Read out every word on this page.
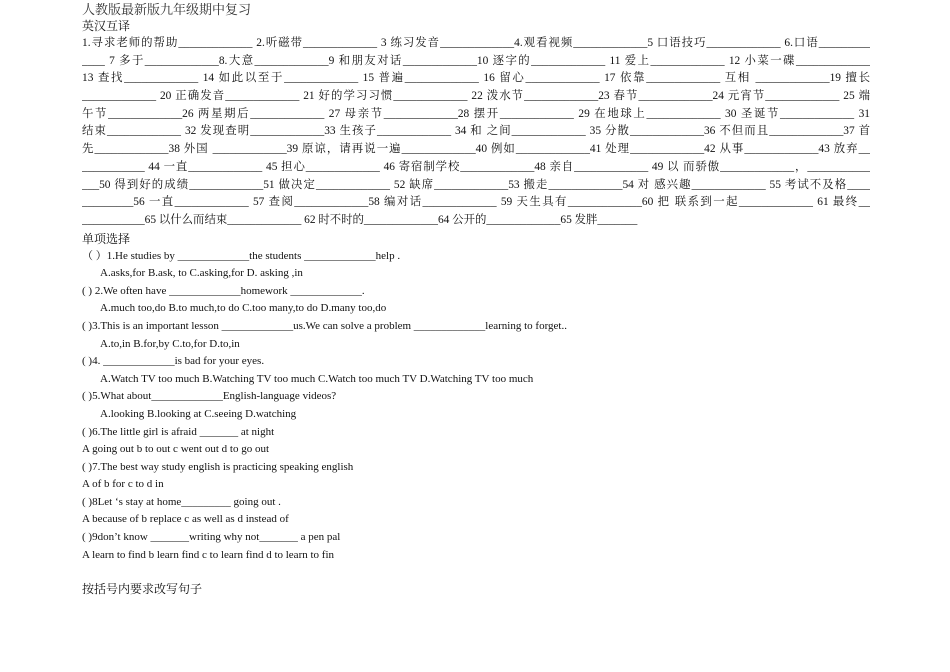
人教版最新版九年级期中复习
英汉互译
1.寻求老师的帮助_____________ 2.听磁带_____________ 3 练习发音_____________4.观看视频_____________5 口语技巧_____________ 6.口语_________
____ 7 多于_____________8.大意_____________9 和朋友对话_____________10 逐字的_____________ 11 爱上_____________ 12 小菜一碟_____________
13 查找_____________ 14 如此以至于_____________ 15 普遍_____________ 16 留心_____________ 17 依靠_____________ 互相 _____________19 擅长
_____________ 20 正确发音_____________ 21 好的学习习惯_____________ 22 泼水节_____________23 春节_____________24 元宵节_____________ 25 端
午节_____________26 两星期后_____________ 27 母亲节_____________28 摆开_____________ 29 在地球上_____________ 30 圣诞节_____________ 31
结束_____________ 32 发现查明_____________33 生孩子_____________ 34 和 之间_____________ 35 分散_____________36 不但而且_____________37 首
先_____________38 外国 _____________39 原谅，请再说一遍_____________40 例如_____________41 处理_____________42 从事_____________43 放弃__
___________ 44 一直_____________ 45 担心_____________ 46 寄宿制学校_____________48 亲自_____________ 49 以 而骄傲_____________，___________
___50 得到好的成绩_____________51 做决定_____________ 52 缺席_____________53 搬走_____________54 对 感兴趣_____________ 55 考试不及格____
_________56 一直_____________ 57 查阅_____________58 编对话_____________ 59 天生具有_____________60 把 联系到一起_____________ 61 最终__
___________65 以什么而结束_____________ 62 时不时的_____________64 公开的_____________65 发胖_______
单项选择
（ ）1.He studies by _____________the students _____________help .
A.asks,for B.ask, to C.asking,for D. asking ,in
( ) 2.We often have _____________homework _____________.
A.much too,do B.to much,to do C.too many,to do D.many too,do
( )3.This is an important lesson _____________us.We can solve a problem _____________learning to forget..
A.to,in B.for,by C.to,for D.to,in
( )4. _____________is bad for your eyes.
A.Watch TV too much B.Watching TV too much C.Watch too much TV D.Watching TV too much
( )5.What about_____________English-language videos?
A.looking B.looking at C.seeing D.watching
( )6.The little girl is afraid _______ at night
A going out b to out c went out d to go out
( )7.The best way study english is practicing speaking english
A of b for c to d in
( )8Let ‘s stay at home_________ going out .
A because of b replace c as well as d instead of
( )9don’t know _______writing why not_______ a pen pal
A learn to find b learn find c to learn find d to learn to fin
按括号内要求改写句子
